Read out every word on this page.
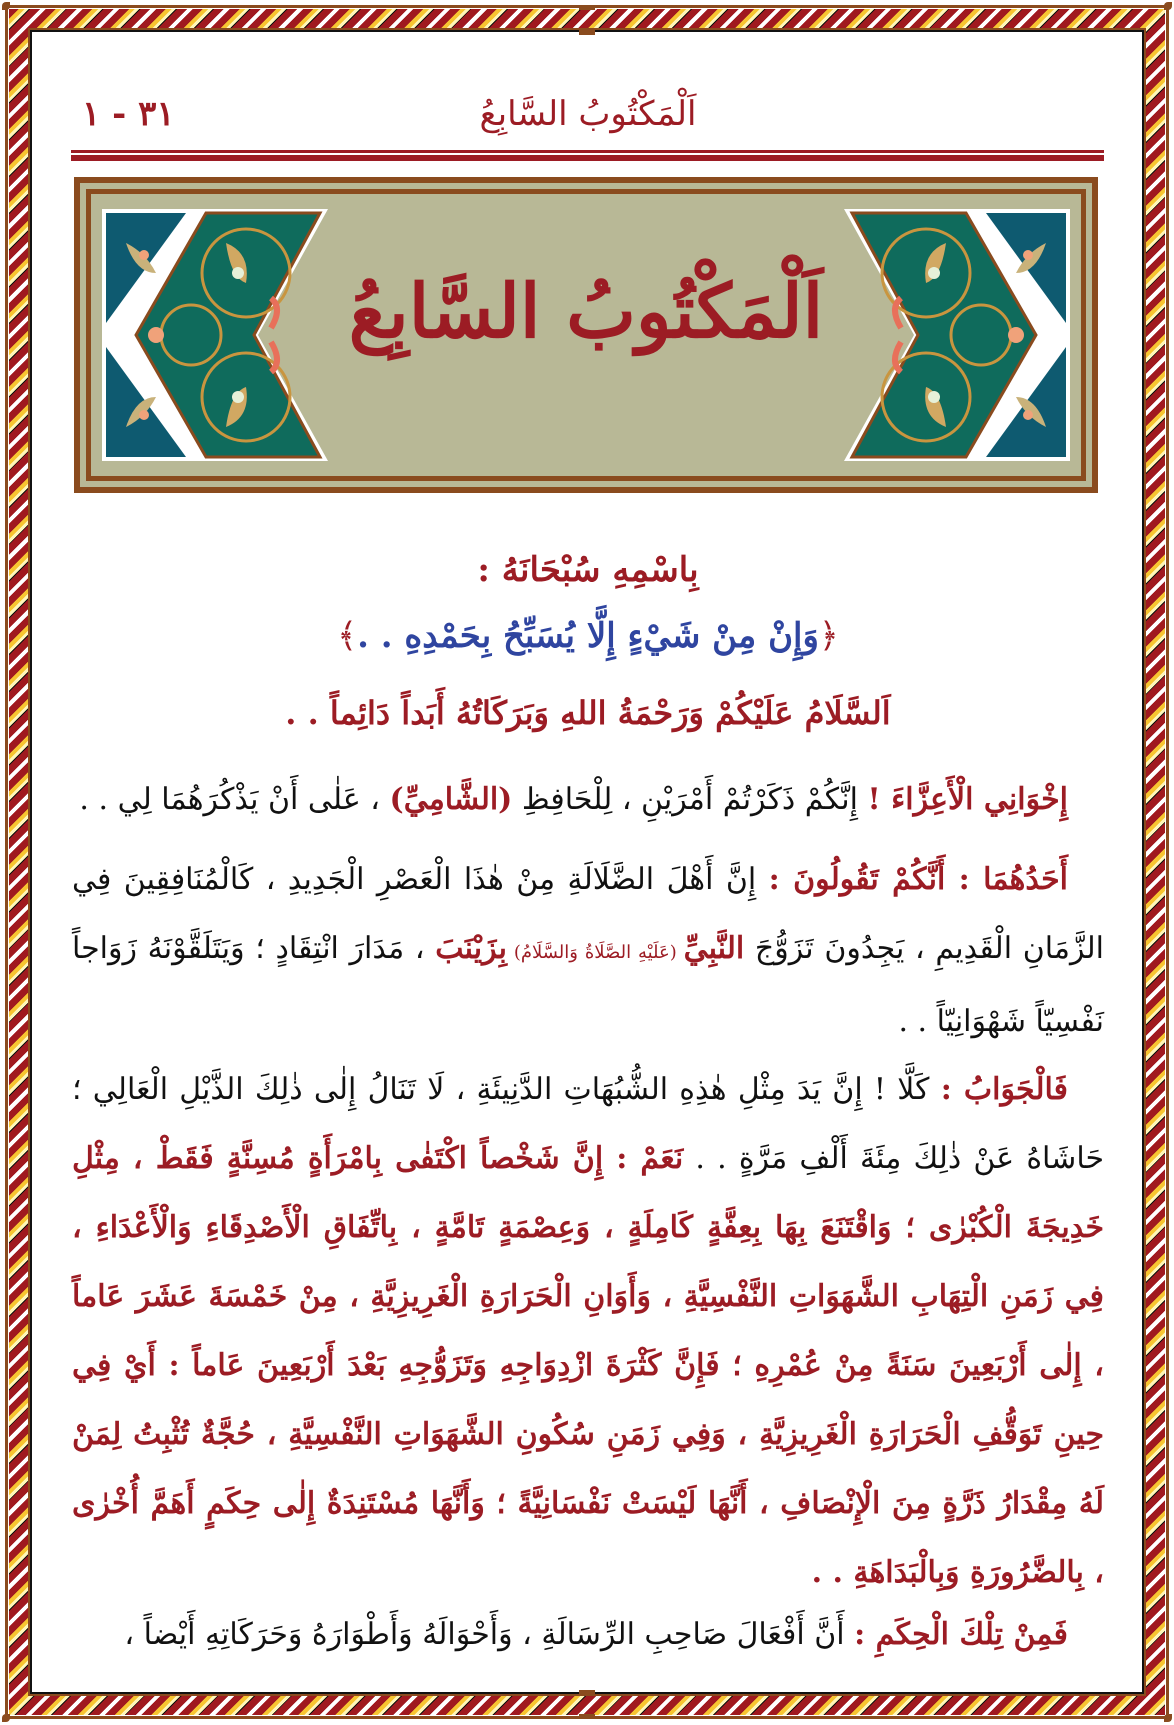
اَلْمَكْتُوبُ السَّابِعُ
٣١ - ١
اَلْمَكْتُوبُ السَّابِعُ
بِاسْمِهِ سُبْحَانَهُ :
﴿وَإِنْ مِنْ شَيْءٍ إِلَّا يُسَبِّحُ بِحَمْدِهِ . .﴾
اَلسَّلَامُ عَلَيْكُمْ وَرَحْمَةُ اللهِ وَبَرَكَاتُهُ أَبَداً دَائِماً . .
إِخْوَانِي الْأَعِزَّاءَ ! إِنَّكُمْ ذَكَرْتُمْ أَمْرَيْنِ ، لِلْحَافِظِ (الشَّامِيِّ) ، عَلٰى أَنْ يَذْكُرَهُمَا لِي . .
أَحَدُهُمَا : أَنَّكُمْ تَقُولُونَ : إِنَّ أَهْلَ الضَّلَالَةِ مِنْ هٰذَا الْعَصْرِ الْجَدِيدِ ، كَالْمُنَافِقِينَ فِي الزَّمَانِ الْقَدِيمِ ، يَجِدُونَ تَزَوُّجَ النَّبِيِّ (عَلَيْهِ الصَّلَاةُ وَالسَّلَامُ) بِزَيْنَبَ ، مَدَارَ انْتِقَادٍ ؛ وَيَتَلَقَّوْنَهُ زَوَاجاً نَفْسِيّاً شَهْوَانِيّاً . .
فَالْجَوَابُ : كَلَّا ! إِنَّ يَدَ مِثْلِ هٰذِهِ الشُّبُهَاتِ الدَّنِيئَةِ ، لَا تَنَالُ إِلٰى ذٰلِكَ الذَّيْلِ الْعَالِي ؛ حَاشَاهُ عَنْ ذٰلِكَ مِئَةَ أَلْفِ مَرَّةٍ . . نَعَمْ : إِنَّ شَخْصاً اكْتَفٰى بِامْرَأَةٍ مُسِنَّةٍ فَقَطْ ، مِثْلِ خَدِيجَةَ الْكُبْرٰى ؛ وَاقْتَنَعَ بِهَا بِعِفَّةٍ كَامِلَةٍ ، وَعِصْمَةٍ تَامَّةٍ ، بِاتِّفَاقِ الْأَصْدِقَاءِ وَالْأَعْدَاءِ ، فِي زَمَنِ الْتِهَابِ الشَّهَوَاتِ النَّفْسِيَّةِ ، وَأَوَانِ الْحَرَارَةِ الْغَرِيزِيَّةِ ، مِنْ خَمْسَةَ عَشَرَ عَاماً ، إِلٰى أَرْبَعِينَ سَنَةً مِنْ عُمْرِهِ ؛ فَإِنَّ كَثْرَةَ ازْدِوَاجِهِ وَتَزَوُّجِهِ بَعْدَ أَرْبَعِينَ عَاماً : أَيْ فِي حِينِ تَوَقُّفِ الْحَرَارَةِ الْغَرِيزِيَّةِ ، وَفِي زَمَنِ سُكُونِ الشَّهَوَاتِ النَّفْسِيَّةِ ، حُجَّةٌ تُثْبِتُ لِمَنْ لَهُ مِقْدَارُ ذَرَّةٍ مِنَ الْإِنْصَافِ ، أَنَّهَا لَيْسَتْ نَفْسَانِيَّةً ؛ وَأَنَّهَا مُسْتَنِدَةٌ إِلٰى حِكَمٍ أَهَمَّ أُخْرٰى ، بِالضَّرُورَةِ وَبِالْبَدَاهَةِ . .
فَمِنْ تِلْكَ الْحِكَمِ : أَنَّ أَفْعَالَ صَاحِبِ الرِّسَالَةِ ، وَأَحْوَالَهُ وَأَطْوَارَهُ وَحَرَكَاتِهِ أَيْضاً ،
